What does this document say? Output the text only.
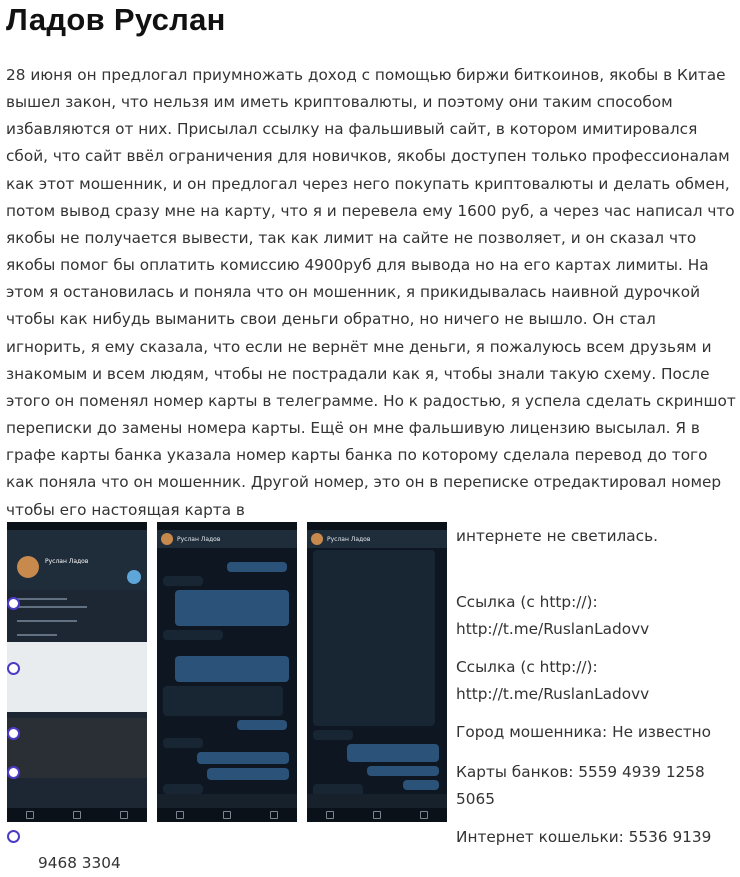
Ладов Руслан

28 июня он предлогал приумножать доход с помощью биржи биткоинов, якобы в Китае вышел закон, что нельзя им иметь криптовалюты, и поэтому они таким способом избавляются от них. Присылал ссылку на фальшивый сайт, в котором имитировался сбой, что сайт ввёл ограничения для новичков, якобы доступен только профессионалам как этот мошенник, и он предлогал через него покупать криптовалюты и делать обмен, потом вывод сразу мне на карту, что я и перевела ему 1600 руб, а через час написал что якобы не получается вывести, так как лимит на сайте не позволяет, и он сказал что якобы помог бы оплатить комиссию 4900руб для вывода но на его картах лимиты. На этом я остановилась и поняла что он мошенник, я прикидывалась наивной дурочкой чтобы как нибудь выманить свои деньги обратно, но ничего не вышло. Он стал игнорить, я ему сказала, что если не вернёт мне деньги, я пожалуюсь всем друзьям и знакомым и всем людям, чтобы не пострадали как я, чтобы знали такую схему. После этого он поменял номер карты в телеграмме. Но к радостью, я успела сделать скриншот переписки до замены номера карты. Ещё он мне фальшивую лицензию высылал. Я в графе карты банка указала номер карты банка по которому сделала перевод до того как поняла что он мошенник. Другой номер, это он в переписке отредактировал номер чтобы его настоящая карта в

Руслан Ладов
Руслан Ладов	Руслан Ладов	интернете не светилась.

Ссылка (с http://):

http://t.me/RuslanLadovv

Ссылка (с http://):

http://t.me/RuslanLadovv

Город мошенника: Не известно

Карты банков: 5559 4939 1258

5065

Интернет кошельки: 5536 9139

9468 3304
